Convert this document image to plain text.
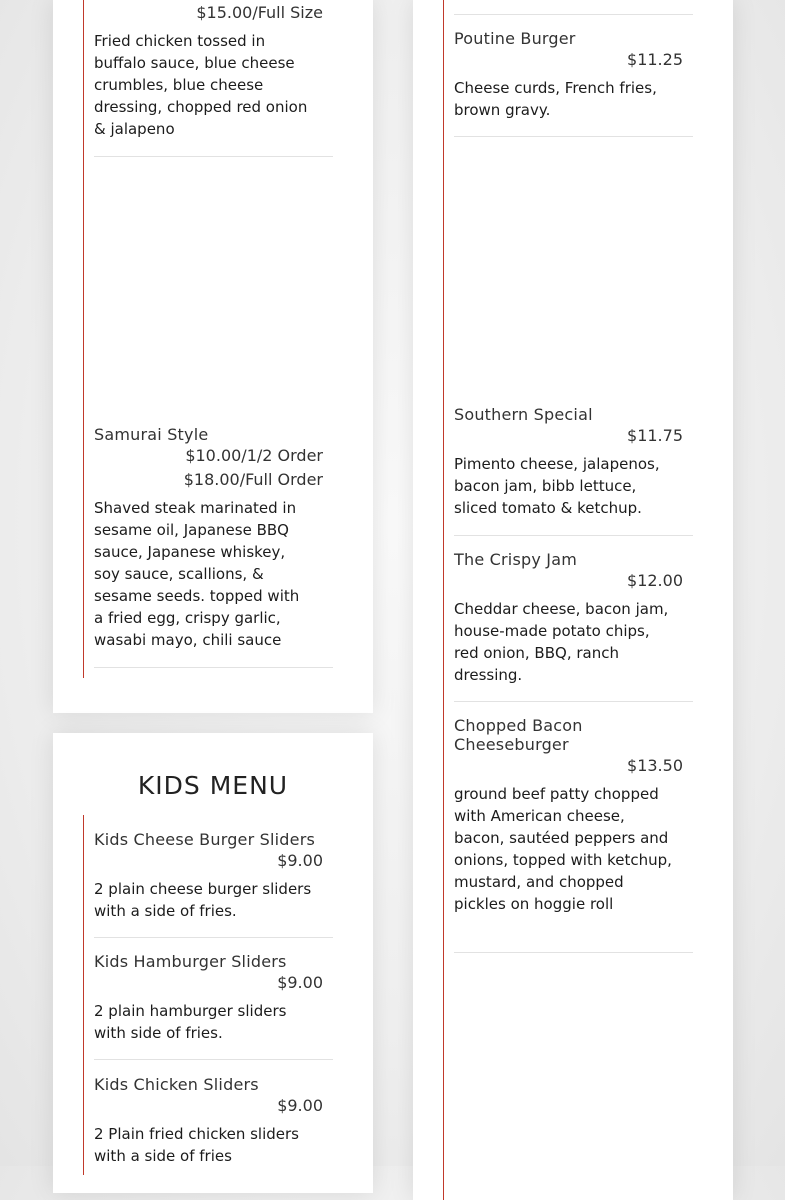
$15.00/Full Size
Fried chicken tossed in buffalo sauce, blue cheese crumbles, blue cheese dressing, chopped red onion & jalapeno
Samurai Style
$10.00/1/2 Order
$18.00/Full Order
Shaved steak marinated in sesame oil, Japanese BBQ sauce, Japanese whiskey, soy sauce, scallions, & sesame seeds. topped with a fried egg, crispy garlic, wasabi mayo, chili sauce
KIDS MENU
Kids Cheese Burger Sliders
$9.00
2 plain cheese burger sliders with a side of fries.
Kids Hamburger Sliders
$9.00
2 plain hamburger sliders with side of fries.
Kids Chicken Sliders
$9.00
2 Plain fried chicken sliders with a side of fries
Poutine Burger
$11.25
Cheese curds, French fries, brown gravy.
Southern Special
$11.75
Pimento cheese, jalapenos, bacon jam, bibb lettuce, sliced tomato & ketchup.
The Crispy Jam
$12.00
Cheddar cheese, bacon jam, house-made potato chips, red onion, BBQ, ranch dressing.
Chopped Bacon Cheeseburger
$13.50
ground beef patty chopped with American cheese, bacon, sautéed peppers and onions, topped with ketchup, mustard, and chopped pickles on hoggie roll
